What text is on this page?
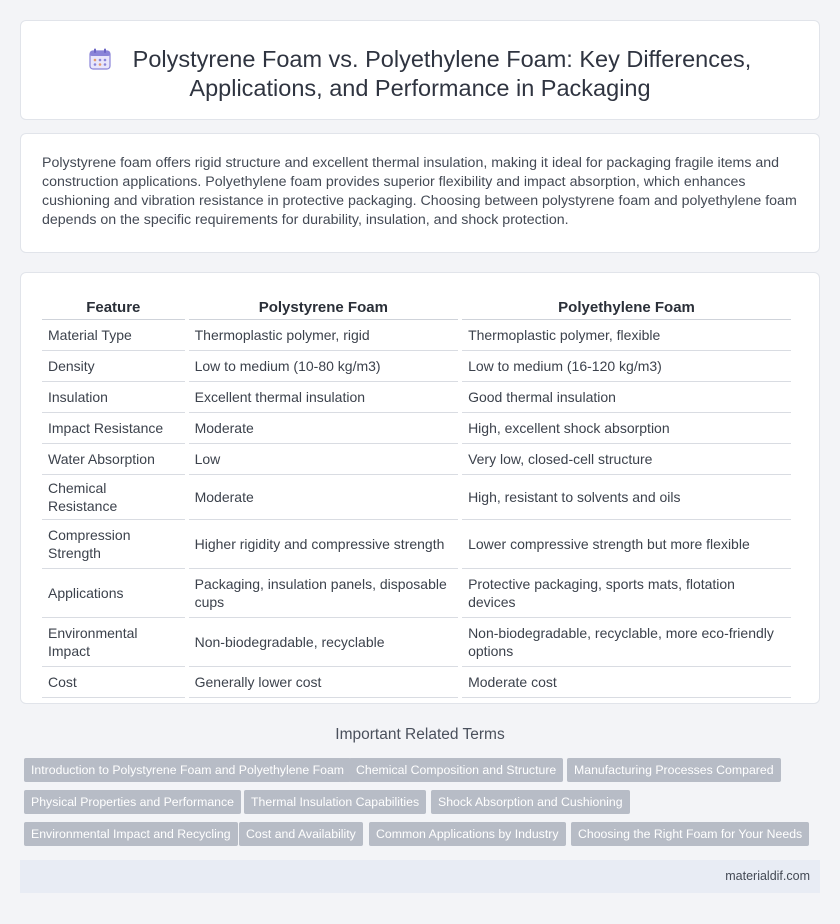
Polystyrene Foam vs. Polyethylene Foam: Key Differences, Applications, and Performance in Packaging

Polystyrene foam offers rigid structure and excellent thermal insulation, making it ideal for packaging fragile items and construction applications. Polyethylene foam provides superior flexibility and impact absorption, which enhances cushioning and vibration resistance in protective packaging. Choosing between polystyrene foam and polyethylene foam depends on the specific requirements for durability, insulation, and shock protection.

Feature	Polystyrene Foam	Polyethylene Foam
Material Type	Thermoplastic polymer, rigid	Thermoplastic polymer, flexible
Density	Low to medium (10-80 kg/m3)	Low to medium (16-120 kg/m3)
Insulation	Excellent thermal insulation	Good thermal insulation
Impact Resistance	Moderate	High, excellent shock absorption
Water Absorption	Low	Very low, closed-cell structure
Chemical Resistance	Moderate	High, resistant to solvents and oils
Compression Strength	Higher rigidity and compressive strength	Lower compressive strength but more flexible
Applications	Packaging, insulation panels, disposable cups	Protective packaging, sports mats, flotation devices
Environmental Impact	Non-biodegradable, recyclable	Non-biodegradable, recyclable, more eco-friendly options
Cost	Generally lower cost	Moderate cost
Important Related Terms
Introduction to Polystyrene Foam and Polyethylene Foam Chemical Composition and Structure	Manufacturing Processes Compared
Physical Properties and Performance	Thermal Insulation Capabilities	Shock Absorption and Cushioning
Environmental Impact and Recycling	Cost and Availability	Common Applications by Industry	Choosing the Right Foam for Your Needs
materialdif.com
